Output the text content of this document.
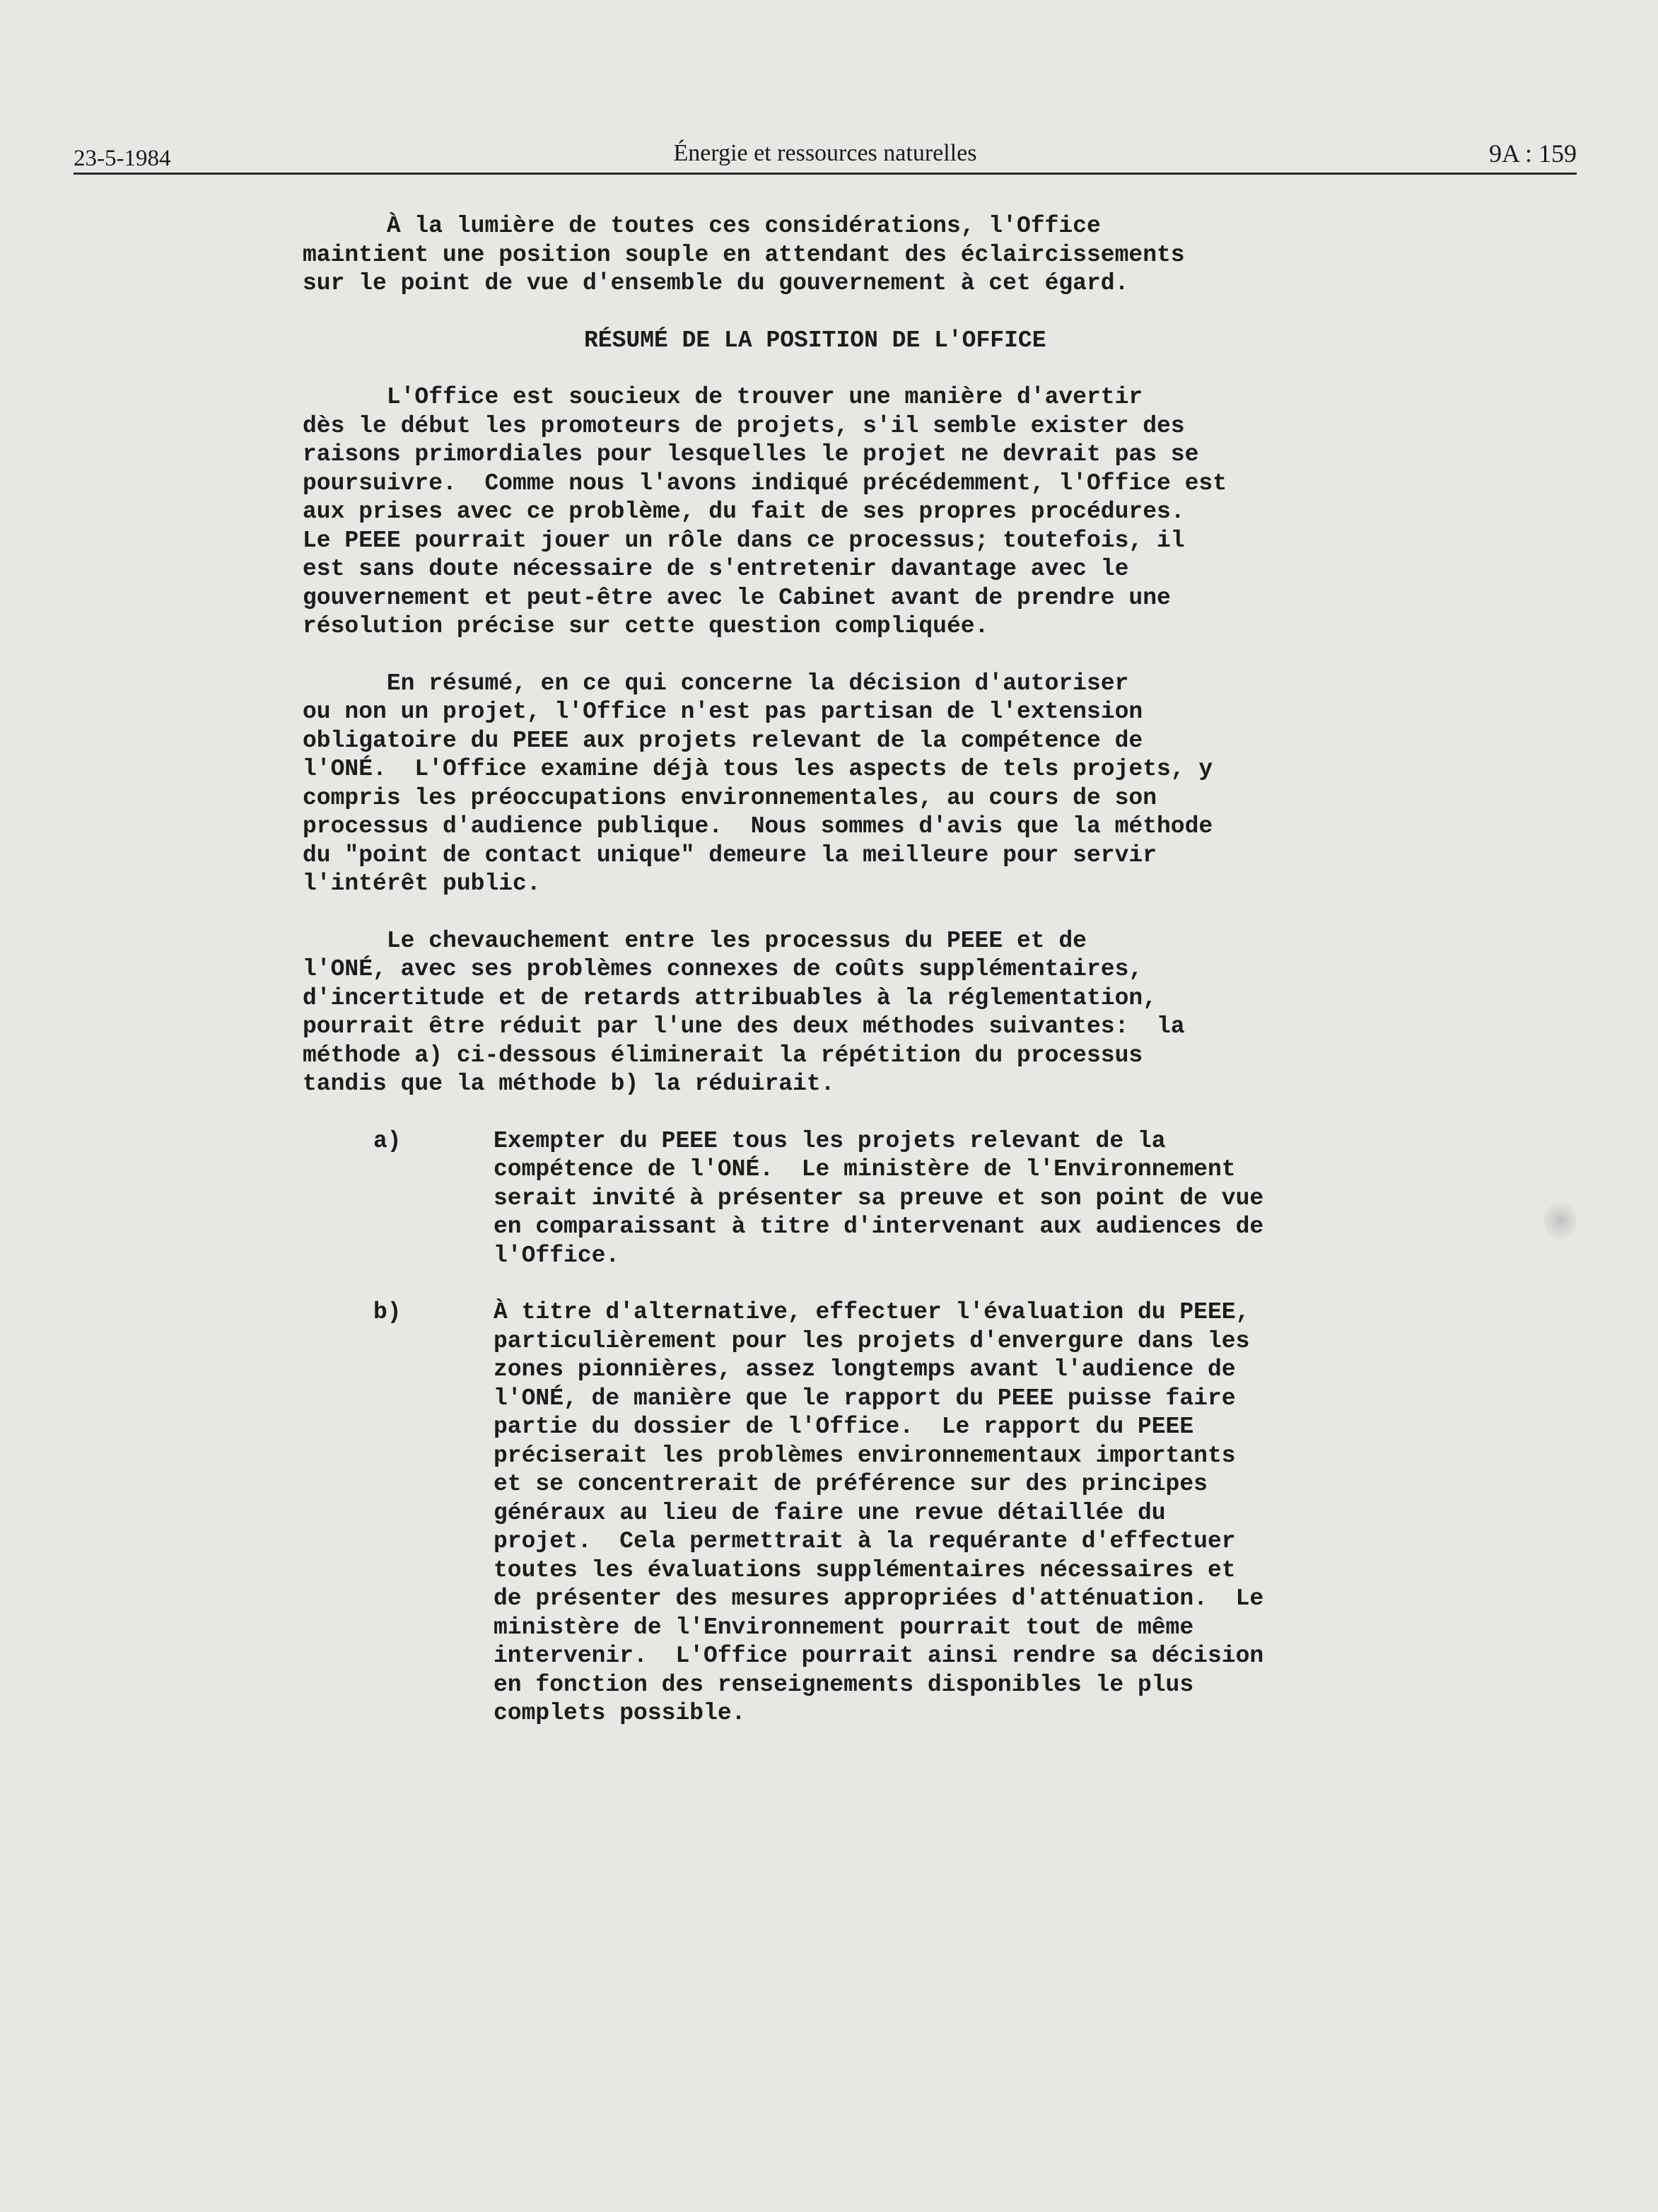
23-5-1984	Énergie et ressources naturelles	9A : 159

À la lumière de toutes ces considérations, l'Office
maintient une position souple en attendant des éclaircissements
sur le point de vue d'ensemble du gouvernement à cet égard.

RÉSUMÉ DE LA POSITION DE L'OFFICE

L'Office est soucieux de trouver une manière d'avertir
dès le début les promoteurs de projets, s'il semble exister des
raisons primordiales pour lesquelles le projet ne devrait pas se
poursuivre.  Comme nous l'avons indiqué précédemment, l'Office est
aux prises avec ce problème, du fait de ses propres procédures.
Le PEEE pourrait jouer un rôle dans ce processus; toutefois, il
est sans doute nécessaire de s'entretenir davantage avec le
gouvernement et peut-être avec le Cabinet avant de prendre une
résolution précise sur cette question compliquée.

En résumé, en ce qui concerne la décision d'autoriser
ou non un projet, l'Office n'est pas partisan de l'extension
obligatoire du PEEE aux projets relevant de la compétence de
l'ONÉ.  L'Office examine déjà tous les aspects de tels projets, y
compris les préoccupations environnementales, au cours de son
processus d'audience publique.  Nous sommes d'avis que la méthode
du "point de contact unique" demeure la meilleure pour servir
l'intérêt public.

Le chevauchement entre les processus du PEEE et de
l'ONÉ, avec ses problèmes connexes de coûts supplémentaires,
d'incertitude et de retards attribuables à la réglementation,
pourrait être réduit par l'une des deux méthodes suivantes:  la
méthode a) ci-dessous éliminerait la répétition du processus
tandis que la méthode b) la réduirait.

a)	Exempter du PEEE tous les projets relevant de la
compétence de l'ONÉ.  Le ministère de l'Environnement
serait invité à présenter sa preuve et son point de vue
en comparaissant à titre d'intervenant aux audiences de
l'Office.
b)	À titre d'alternative, effectuer l'évaluation du PEEE,
particulièrement pour les projets d'envergure dans les
zones pionnières, assez longtemps avant l'audience de
l'ONÉ, de manière que le rapport du PEEE puisse faire
partie du dossier de l'Office.  Le rapport du PEEE
préciserait les problèmes environnementaux importants
et se concentrerait de préférence sur des principes
généraux au lieu de faire une revue détaillée du
projet.  Cela permettrait à la requérante d'effectuer
toutes les évaluations supplémentaires nécessaires et
de présenter des mesures appropriées d'atténuation.  Le
ministère de l'Environnement pourrait tout de même
intervenir.  L'Office pourrait ainsi rendre sa décision
en fonction des renseignements disponibles le plus
complets possible.
